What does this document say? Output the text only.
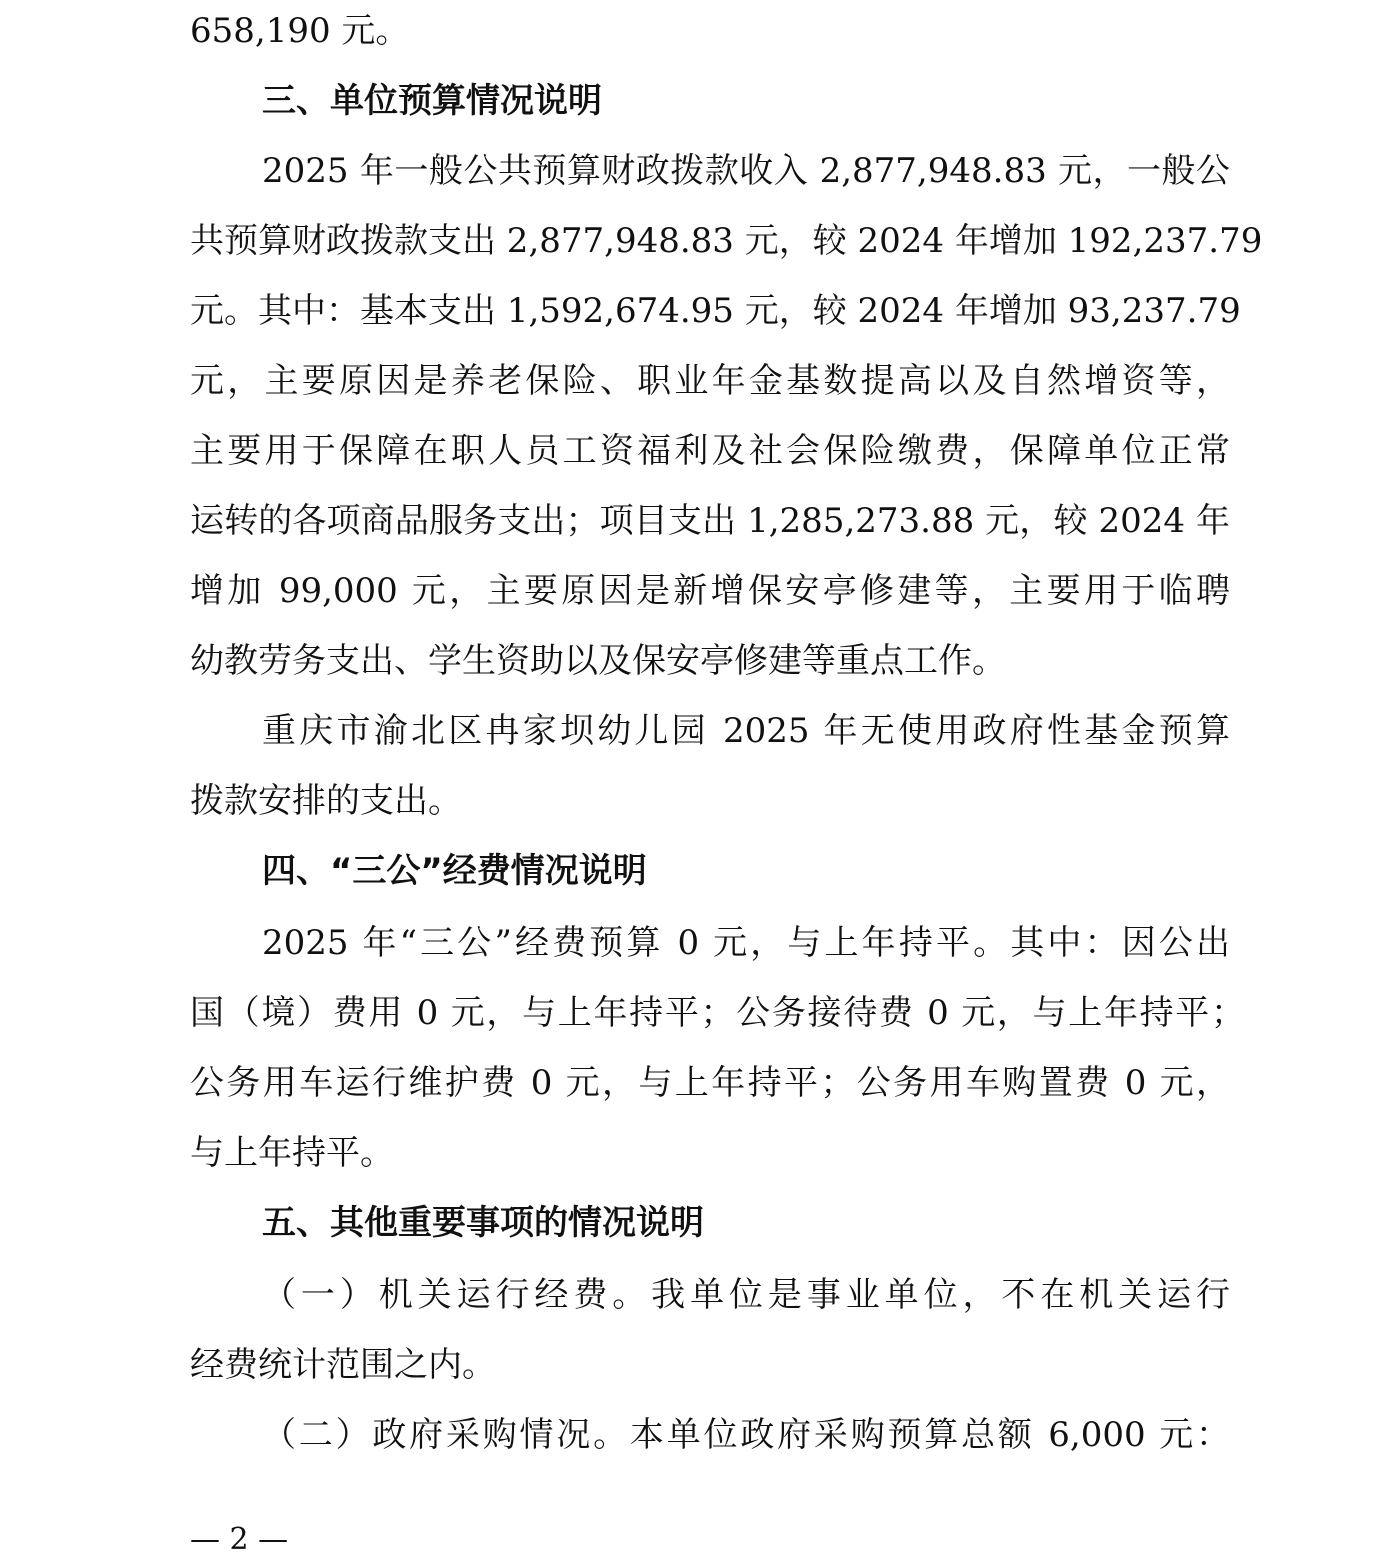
658,190 元。
三、单位预算情况说明
2025 年一般公共预算财政拨款收入 2,877,948.83 元，一般公
共预算财政拨款支出 2,877,948.83 元，较 2024 年增加 192,237.79
元。其中：基本支出 1,592,674.95 元，较 2024 年增加 93,237.79
元，主要原因是养老保险、职业年金基数提高以及自然增资等，
主要用于保障在职人员工资福利及社会保险缴费，保障单位正常
运转的各项商品服务支出；项目支出 1,285,273.88 元，较 2024 年
增加 99,000 元，主要原因是新增保安亭修建等，主要用于临聘
幼教劳务支出、学生资助以及保安亭修建等重点工作。
重庆市渝北区冉家坝幼儿园 2025 年无使用政府性基金预算
拨款安排的支出。
四、“三公”经费情况说明
2025 年“三公”经费预算 0 元，与上年持平。其中：因公出
国（境）费用 0 元，与上年持平；公务接待费 0 元，与上年持平；
公务用车运行维护费 0 元，与上年持平；公务用车购置费 0 元，
与上年持平。
五、其他重要事项的情况说明
（一）机关运行经费。我单位是事业单位，不在机关运行
经费统计范围之内。
（二）政府采购情况。本单位政府采购预算总额 6,000 元：
— 2 —
